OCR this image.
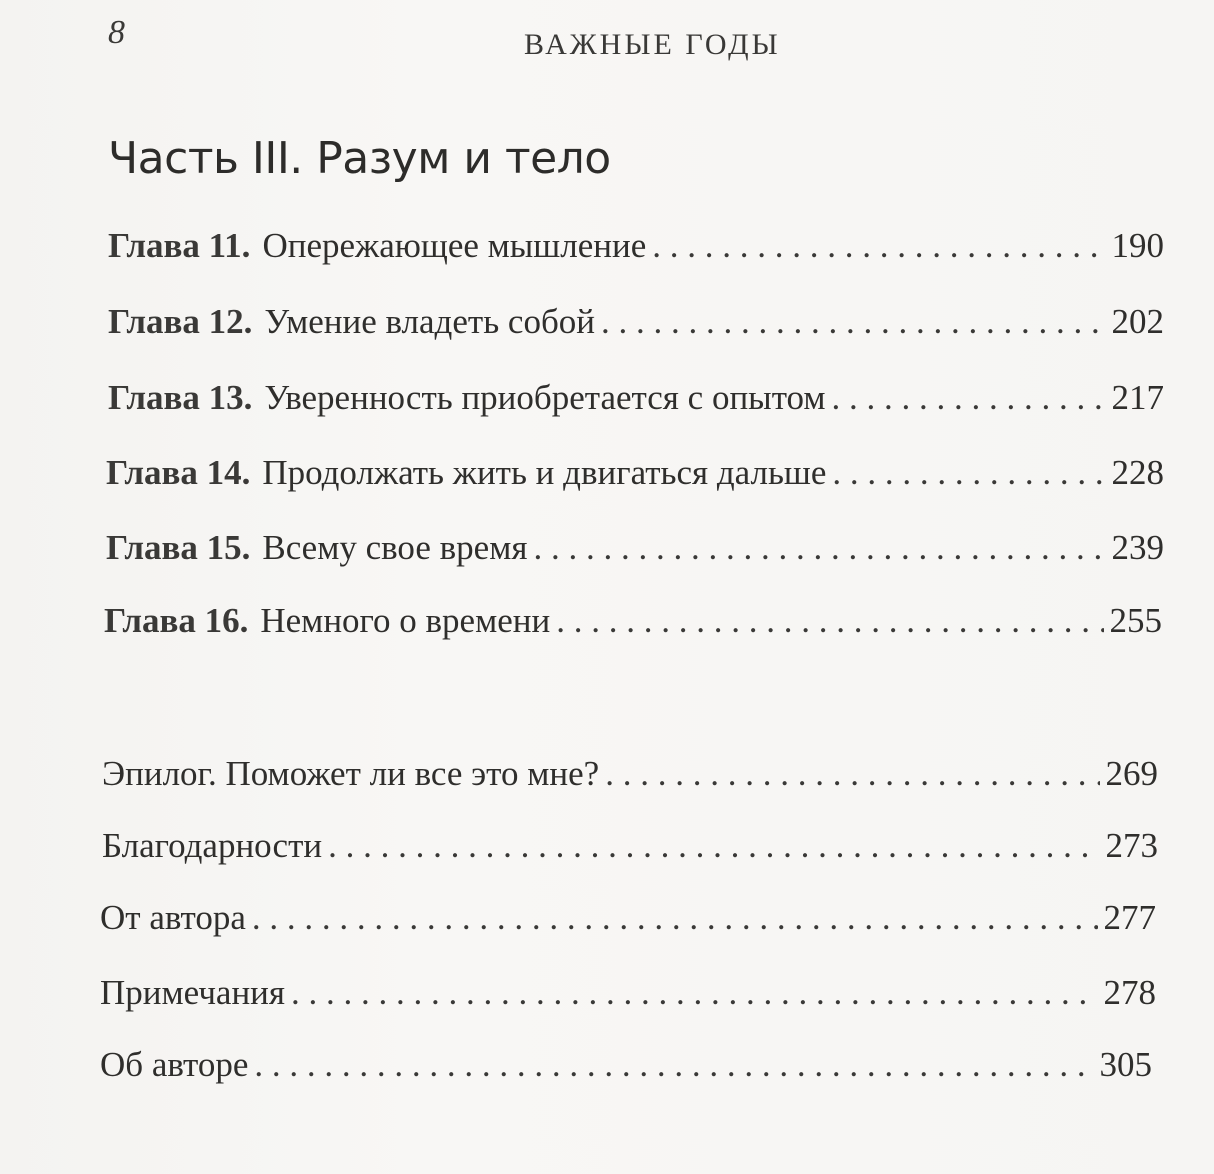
8	ВАЖНЫЕ ГОДЫ
Часть III. Разум и тело
Глава 11. Опережающее мышление . . .	190
Глава 12. Умение владеть собой . . .	202
Глава 13. Уверенность приобретается с опытом . . .	217
Глава 14. Продолжать жить и двигаться дальше . . .	228
Глава 15. Всему свое время . . .	239
Глава 16. Немного о времени . . .	255
Эпилог. Поможет ли все это мне? . . .	269
Благодарности . . .	273
От автора . . .	277
Примечания . . .	278
Об авторе . . .	305
